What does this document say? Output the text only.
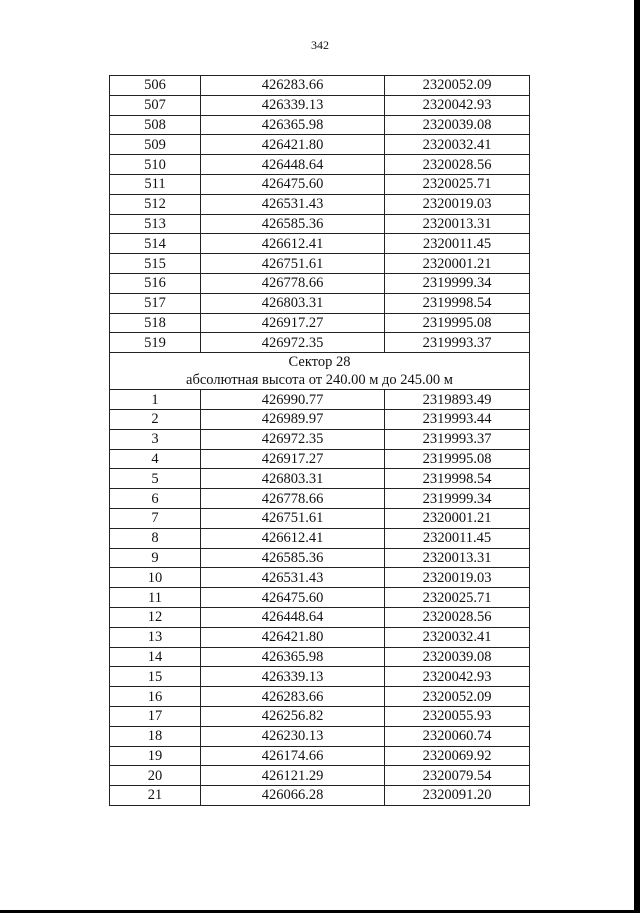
342
506	426283.66	2320052.09
507	426339.13	2320042.93
508	426365.98	2320039.08
509	426421.80	2320032.41
510	426448.64	2320028.56
511	426475.60	2320025.71
512	426531.43	2320019.03
513	426585.36	2320013.31
514	426612.41	2320011.45
515	426751.61	2320001.21
516	426778.66	2319999.34
517	426803.31	2319998.54
518	426917.27	2319995.08
519	426972.35	2319993.37

Сектор 28
абсолютная высота от 240.00 м до 245.00 м		

1	426990.77	2319893.49
2	426989.97	2319993.44
3	426972.35	2319993.37
4	426917.27	2319995.08
5	426803.31	2319998.54
6	426778.66	2319999.34
7	426751.61	2320001.21
8	426612.41	2320011.45
9	426585.36	2320013.31
10	426531.43	2320019.03
11	426475.60	2320025.71
12	426448.64	2320028.56
13	426421.80	2320032.41
14	426365.98	2320039.08
15	426339.13	2320042.93
16	426283.66	2320052.09
17	426256.82	2320055.93
18	426230.13	2320060.74
19	426174.66	2320069.92
20	426121.29	2320079.54
21	426066.28	2320091.20
